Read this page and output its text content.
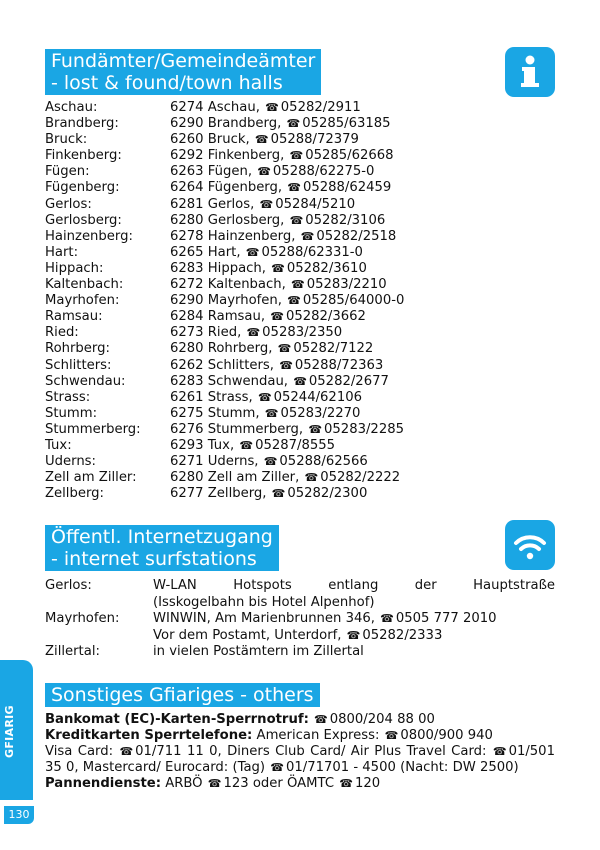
Fundämter/Gemeindeämter
- lost & found/town halls
Aschau:	6274 Aschau, ☎ 05282/2911
Brandberg:	6290 Brandberg, ☎ 05285/63185
Bruck:	6260 Bruck, ☎ 05288/72379
Finkenberg:	6292 Finkenberg, ☎ 05285/62668
Fügen:	6263 Fügen, ☎ 05288/62275-0
Fügenberg:	6264 Fügenberg, ☎ 05288/62459
Gerlos:	6281 Gerlos, ☎ 05284/5210
Gerlosberg:	6280 Gerlosberg, ☎ 05282/3106
Hainzenberg:	6278 Hainzenberg, ☎ 05282/2518
Hart:	6265 Hart, ☎ 05288/62331-0
Hippach:	6283 Hippach, ☎ 05282/3610
Kaltenbach:	6272 Kaltenbach, ☎ 05283/2210
Mayrhofen:	6290 Mayrhofen, ☎ 05285/64000-0
Ramsau:	6284 Ramsau, ☎ 05282/3662
Ried:	6273 Ried, ☎ 05283/2350
Rohrberg:	6280 Rohrberg, ☎ 05282/7122
Schlitters:	6262 Schlitters, ☎ 05288/72363
Schwendau:	6283 Schwendau, ☎ 05282/2677
Strass:	6261 Strass, ☎ 05244/62106
Stumm:	6275 Stumm, ☎ 05283/2270
Stummerberg:	6276 Stummerberg, ☎ 05283/2285
Tux:	6293 Tux, ☎ 05287/8555
Uderns:	6271 Uderns, ☎ 05288/62566
Zell am Ziller:	6280 Zell am Ziller, ☎ 05282/2222
Zellberg:	6277 Zellberg, ☎ 05282/2300
Öffentl. Internetzugang
- internet surfstations
Gerlos:	W-LAN Hotspots entlang der Hauptstraße
(Isskogelbahn bis Hotel Alpenhof)
Mayrhofen:	WINWIN, Am Marienbrunnen 346, ☎ 0505 777 2010
Vor dem Postamt, Unterdorf, ☎ 05282/2333
Zillertal:	in vielen Postämtern im Zillertal
Sonstiges Gfiariges - others
Bankomat (EC)-Karten-Sperrnotruf: ☎ 0800/204 88 00
Kreditkarten Sperrtelefone: American Express: ☎ 0800/900 940
Visa Card: ☎ 01/711 11 0, Diners Club Card/ Air Plus Travel Card: ☎ 01/501 35 0, Mastercard/ Eurocard: (Tag) ☎ 01/71701 - 4500 (Nacht: DW 2500)
Pannendienste: ARBÖ ☎ 123 oder ÖAMTC ☎ 120
GFIARIG
130
